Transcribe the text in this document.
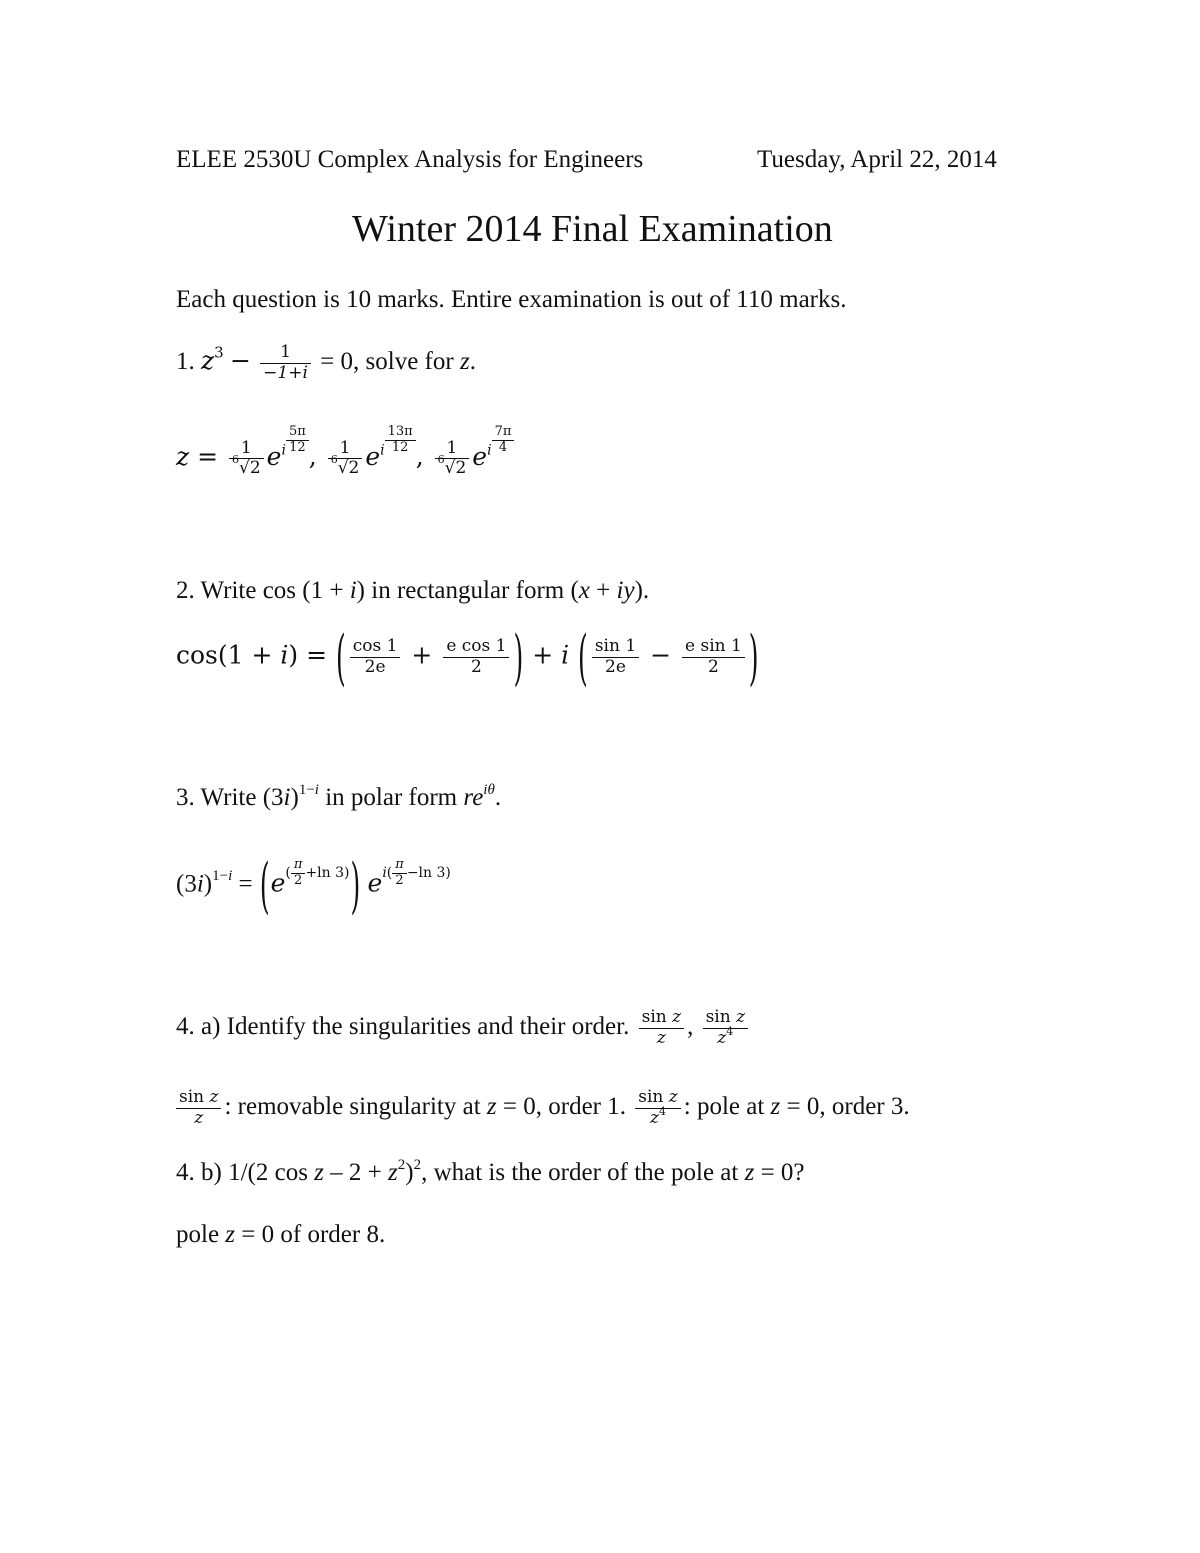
ELEE 2530U Complex Analysis for Engineers	Tuesday, April 22, 2014
Winter 2014 Final Examination
Each question is 10 marks. Entire examination is out of 110 marks.
1. $z^3 - \frac{1}{-1+i} = 0$, solve for z.
$z = \frac{1}{^6√2} e^i \frac{5\pi}{12}$
, $\frac{1}{^6√2} e^i \frac{13\pi}{12}$
, $\frac{1}{^6√2} e^i \frac{7\pi}{4}$
2. Write cos (1 + i) in rectangular form (x + iy).
cos(1 + i) = ( $\frac{\cos 1}{2e} + \frac{\text{e cos 1}}{2}$ ) + i ( $\frac{\sin 1}{2e} - \frac{\text{e sin 1}}{2}$ )
3. Write $(3i)^{1-i}$ in polar form $re^{i\theta}$.
$(3i)^{1-i} = (e^{( \frac{\pi}{2} +ln 3)})$ $e^{i( \frac{\pi}{2} -ln 3)}$
4. a) Identify the singularities and their order. $\frac{\text{sin z}}{z}$ , $\frac{\text{sin z}}{z^4}$
$\frac{\text{sin z}}{z}$ : removable singularity at z = 0, order 1. $\frac{\text{sin z}}{z^4}$ : pole at z = 0, order 3.
4. b) 1/(2 $\cos z - 2 + z^2)^2$, what is the order of the pole at z = 0?
pole z = 0 of order 8.
